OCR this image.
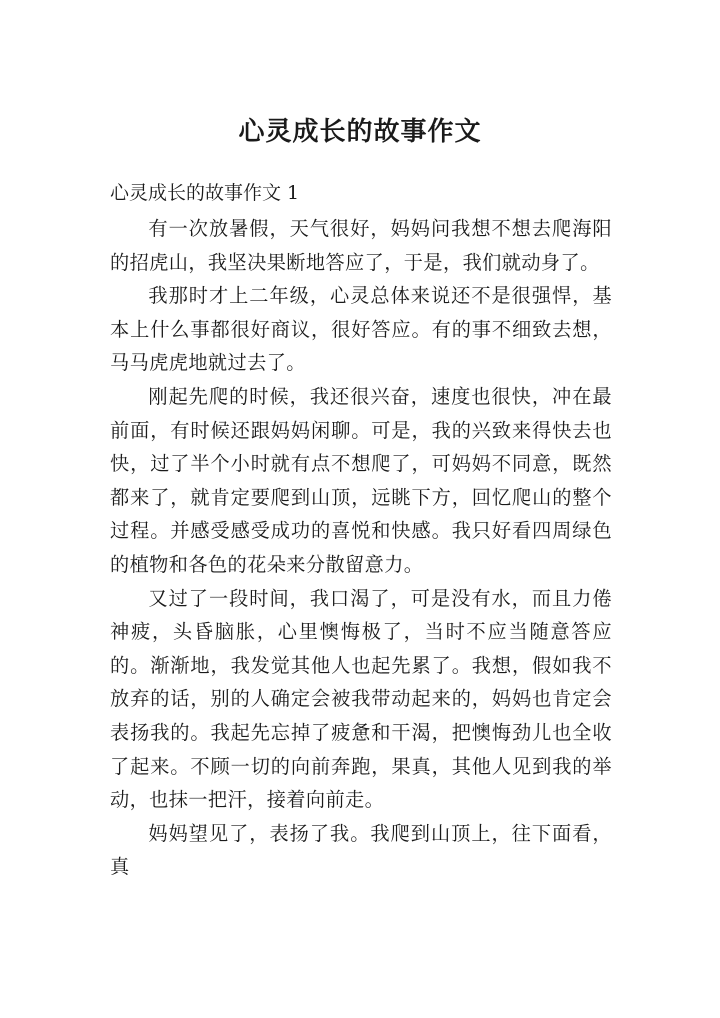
心灵成长的故事作文

心灵成长的故事作文 1

有一次放暑假，天气很好，妈妈问我想不想去爬海阳的招虎山，我坚决果断地答应了，于是，我们就动身了。

我那时才上二年级，心灵总体来说还不是很强悍，基本上什么事都很好商议，很好答应。有的事不细致去想，马马虎虎地就过去了。

刚起先爬的时候，我还很兴奋，速度也很快，冲在最前面，有时候还跟妈妈闲聊。可是，我的兴致来得快去也快，过了半个小时就有点不想爬了，可妈妈不同意，既然都来了，就肯定要爬到山顶，远眺下方，回忆爬山的整个过程。并感受感受成功的喜悦和快感。我只好看四周绿色的植物和各色的花朵来分散留意力。

又过了一段时间，我口渴了，可是没有水，而且力倦神疲，头昏脑胀，心里懊悔极了，当时不应当随意答应的。渐渐地，我发觉其他人也起先累了。我想，假如我不放弃的话，别的人确定会被我带动起来的，妈妈也肯定会表扬我的。我起先忘掉了疲惫和干渴，把懊悔劲儿也全收了起来。不顾一切的向前奔跑，果真，其他人见到我的举动，也抹一把汗，接着向前走。

妈妈望见了，表扬了我。我爬到山顶上，往下面看，真
